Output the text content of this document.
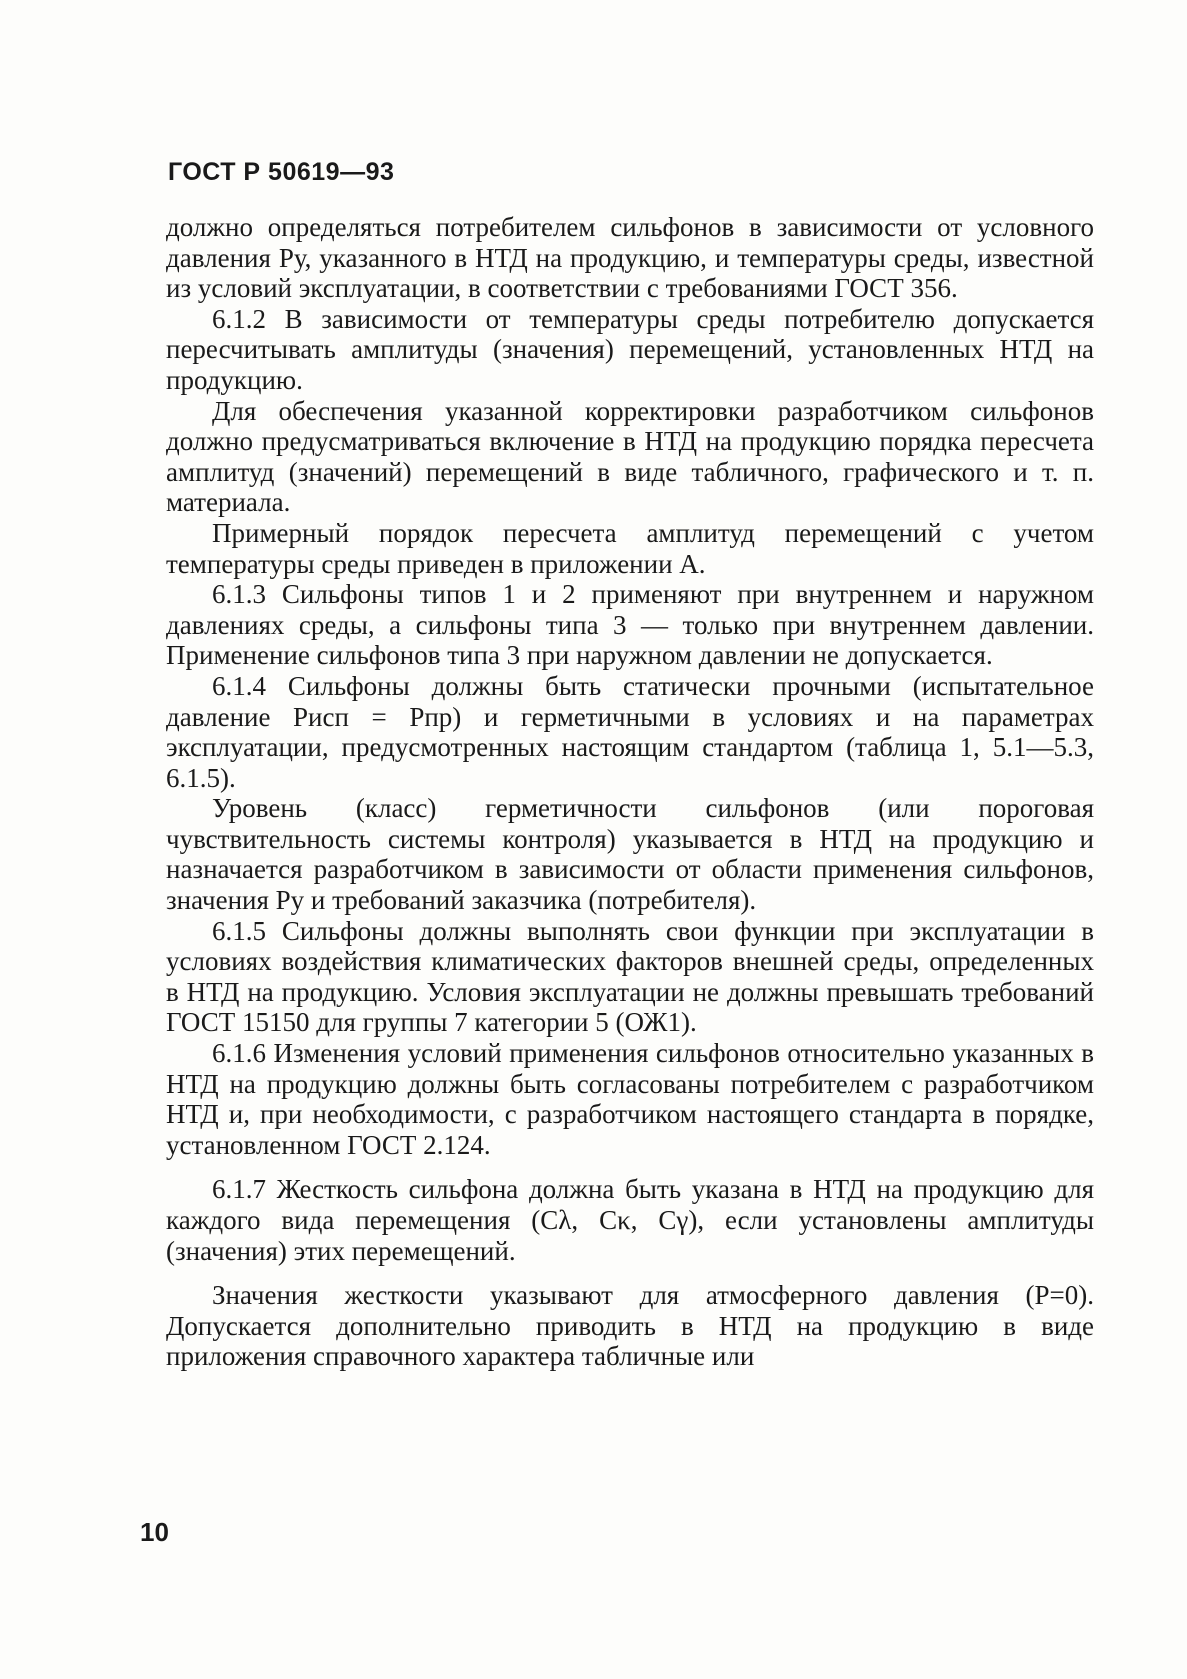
ГОСТ Р 50619—93

должно определяться потребителем сильфонов в зависимости от условного давления Pу, указанного в НТД на продукцию, и температуры среды, известной из условий эксплуатации, в соответствии с требованиями ГОСТ 356.

6.1.2 В зависимости от температуры среды потребителю допускается пересчитывать амплитуды (значения) перемещений, установленных НТД на продукцию.

Для обеспечения указанной корректировки разработчиком сильфонов должно предусматриваться включение в НТД на продукцию порядка пересчета амплитуд (значений) перемещений в виде табличного, графического и т. п. материала.

Примерный порядок пересчета амплитуд перемещений с учетом температуры среды приведен в приложении А.

6.1.3 Сильфоны типов 1 и 2 применяют при внутреннем и наружном давлениях среды, а сильфоны типа 3 — только при внутреннем давлении. Применение сильфонов типа 3 при наружном давлении не допускается.

6.1.4 Сильфоны должны быть статически прочными (испытательное давление Pисп = Pпр) и герметичными в условиях и на параметрах эксплуатации, предусмотренных настоящим стандартом (таблица 1, 5.1—5.3, 6.1.5).

Уровень (класс) герметичности сильфонов (или пороговая чувствительность системы контроля) указывается в НТД на продукцию и назначается разработчиком в зависимости от области применения сильфонов, значения Pу и требований заказчика (потребителя).

6.1.5 Сильфоны должны выполнять свои функции при эксплуатации в условиях воздействия климатических факторов внешней среды, определенных в НТД на продукцию. Условия эксплуатации не должны превышать требований ГОСТ 15150 для группы 7 категории 5 (ОЖ1).

6.1.6 Изменения условий применения сильфонов относительно указанных в НТД на продукцию должны быть согласованы потребителем с разработчиком НТД и, при необходимости, с разработчиком настоящего стандарта в порядке, установленном ГОСТ 2.124.

6.1.7 Жесткость сильфона должна быть указана в НТД на продукцию для каждого вида перемещения (Cλ, Cκ, Cγ), если установлены амплитуды (значения) этих перемещений.

Значения жесткости указывают для атмосферного давления (P=0). Допускается дополнительно приводить в НТД на продукцию в виде приложения справочного характера табличные или

10
